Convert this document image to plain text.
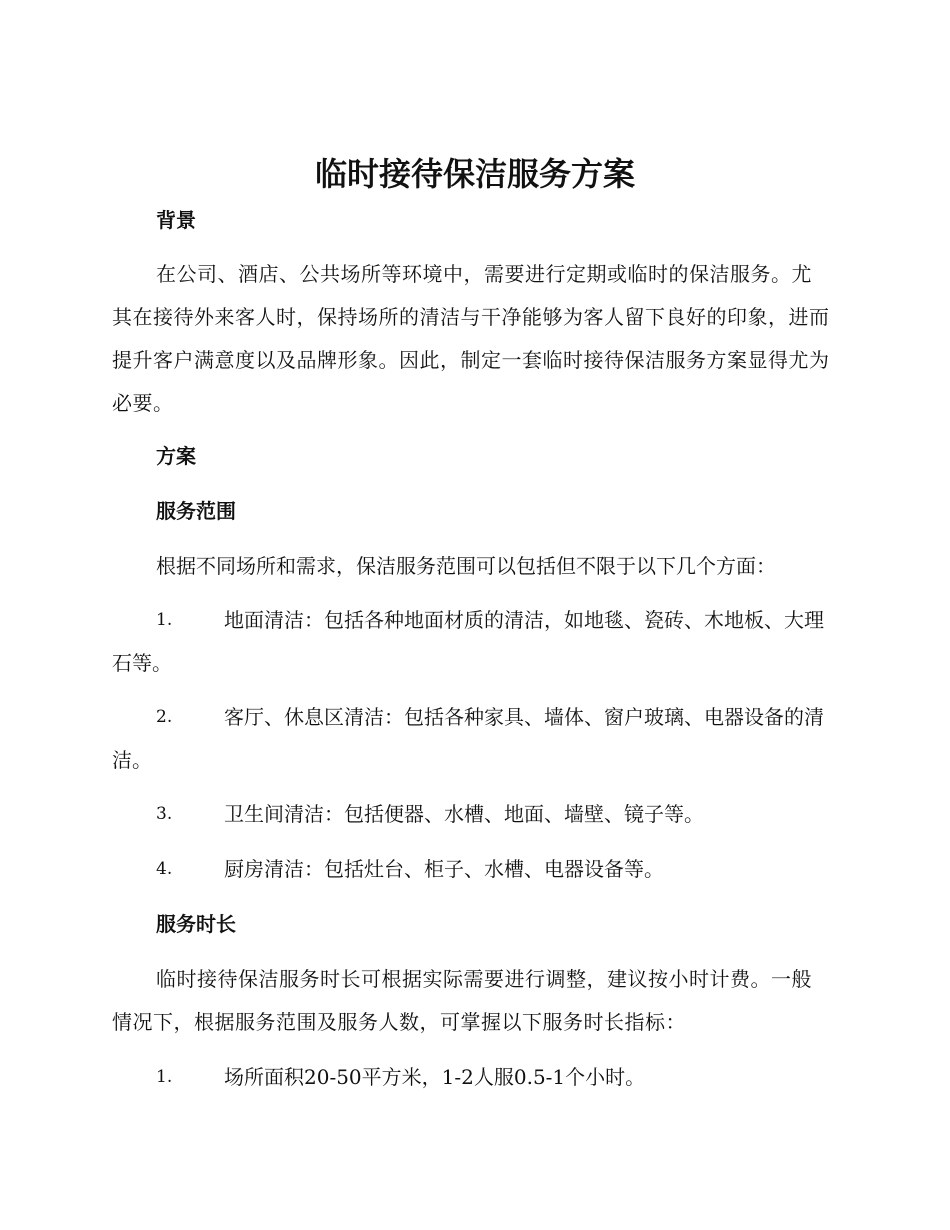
临时接待保洁服务方案
背景
在公司、酒店、公共场所等环境中，需要进行定期或临时的保洁服务。尤其在接待外来客人时，保持场所的清洁与干净能够为客人留下良好的印象，进而提升客户满意度以及品牌形象。因此，制定一套临时接待保洁服务方案显得尤为必要。
方案
服务范围
根据不同场所和需求，保洁服务范围可以包括但不限于以下几个方面：
1.	地面清洁：包括各种地面材质的清洁，如地毯、瓷砖、木地板、大理石等。
2.	客厅、休息区清洁：包括各种家具、墙体、窗户玻璃、电器设备的清洁。
3.	卫生间清洁：包括便器、水槽、地面、墙壁、镜子等。
4.	厨房清洁：包括灶台、柜子、水槽、电器设备等。
服务时长
临时接待保洁服务时长可根据实际需要进行调整，建议按小时计费。一般情况下，根据服务范围及服务人数，可掌握以下服务时长指标：
1.	场所面积20-50平方米，1-2人服0.5-1个小时。
